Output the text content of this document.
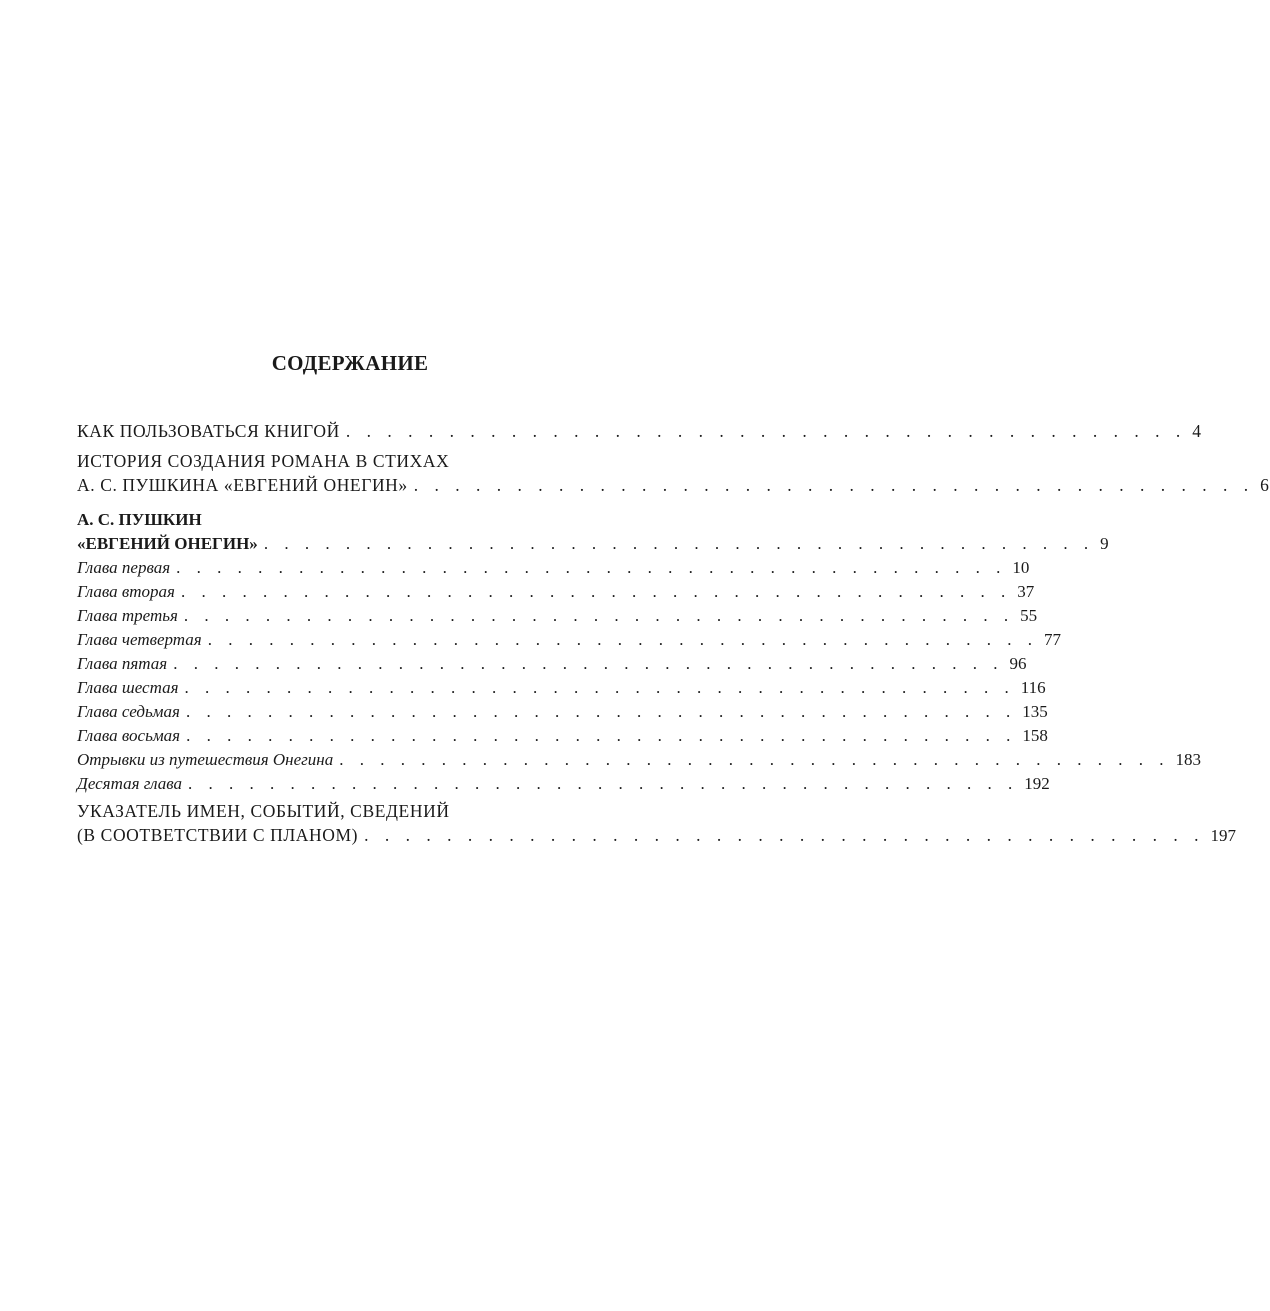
СОДЕРЖАНИЕ
КАК ПОЛЬЗОВАТЬСЯ КНИГОЙ . . . . . . . . . . . . . . . . . . . . . . . . . . . . . . . . . . . . . . . . . 4
ИСТОРИЯ СОЗДАНИЯ РОМАНА В СТИХАХ
А. С. ПУШКИНА «ЕВГЕНИЙ ОНЕГИН» . . . . . . . . . . . . . . . . . . . . . . . . . . . . . . . . . . . . . . . . . 6
А. С. ПУШКИН
«ЕВГЕНИЙ ОНЕГИН» . . . . . . . . . . . . . . . . . . . . . . . . . . . . . . . . . . . . . . . . . 9
Глава первая . . . . . . . . . . . . . . . . . . . . . . . . . . . . . . . . . . . . . . . . . 10
Глава вторая . . . . . . . . . . . . . . . . . . . . . . . . . . . . . . . . . . . . . . . . . 37
Глава третья . . . . . . . . . . . . . . . . . . . . . . . . . . . . . . . . . . . . . . . . . 55
Глава четвертая . . . . . . . . . . . . . . . . . . . . . . . . . . . . . . . . . . . . . . . . . 77
Глава пятая . . . . . . . . . . . . . . . . . . . . . . . . . . . . . . . . . . . . . . . . . 96
Глава шестая . . . . . . . . . . . . . . . . . . . . . . . . . . . . . . . . . . . . . . . . . 116
Глава седьмая . . . . . . . . . . . . . . . . . . . . . . . . . . . . . . . . . . . . . . . . . 135
Глава восьмая . . . . . . . . . . . . . . . . . . . . . . . . . . . . . . . . . . . . . . . . . 158
Отрывки из путешествия Онегина . . . . . . . . . . . . . . . . . . . . . . . . . . . . . . . . . . . . . . . . . 183
Десятая глава . . . . . . . . . . . . . . . . . . . . . . . . . . . . . . . . . . . . . . . . . 192
УКАЗАТЕЛЬ ИМЕН, СОБЫТИЙ, СВЕДЕНИЙ
(В СООТВЕТСТВИИ С ПЛАНОМ) . . . . . . . . . . . . . . . . . . . . . . . . . . . . . . . . . . . . . . . . . 197
